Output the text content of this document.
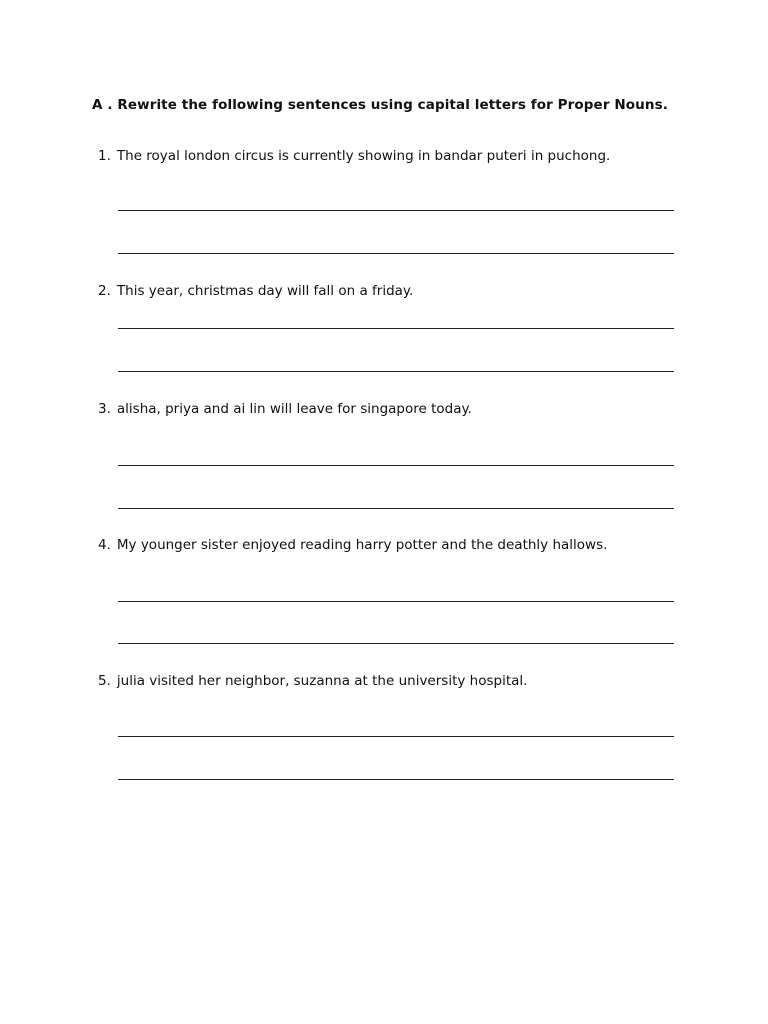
A . Rewrite the following sentences using capital letters for Proper Nouns.
1. The royal london circus is currently showing in bandar puteri in puchong.
2. This year, christmas day will fall on a friday.
3. alisha, priya and ai lin will leave for singapore today.
4. My younger sister enjoyed reading harry potter and the deathly hallows.
5. julia visited her neighbor, suzanna at the university hospital.
